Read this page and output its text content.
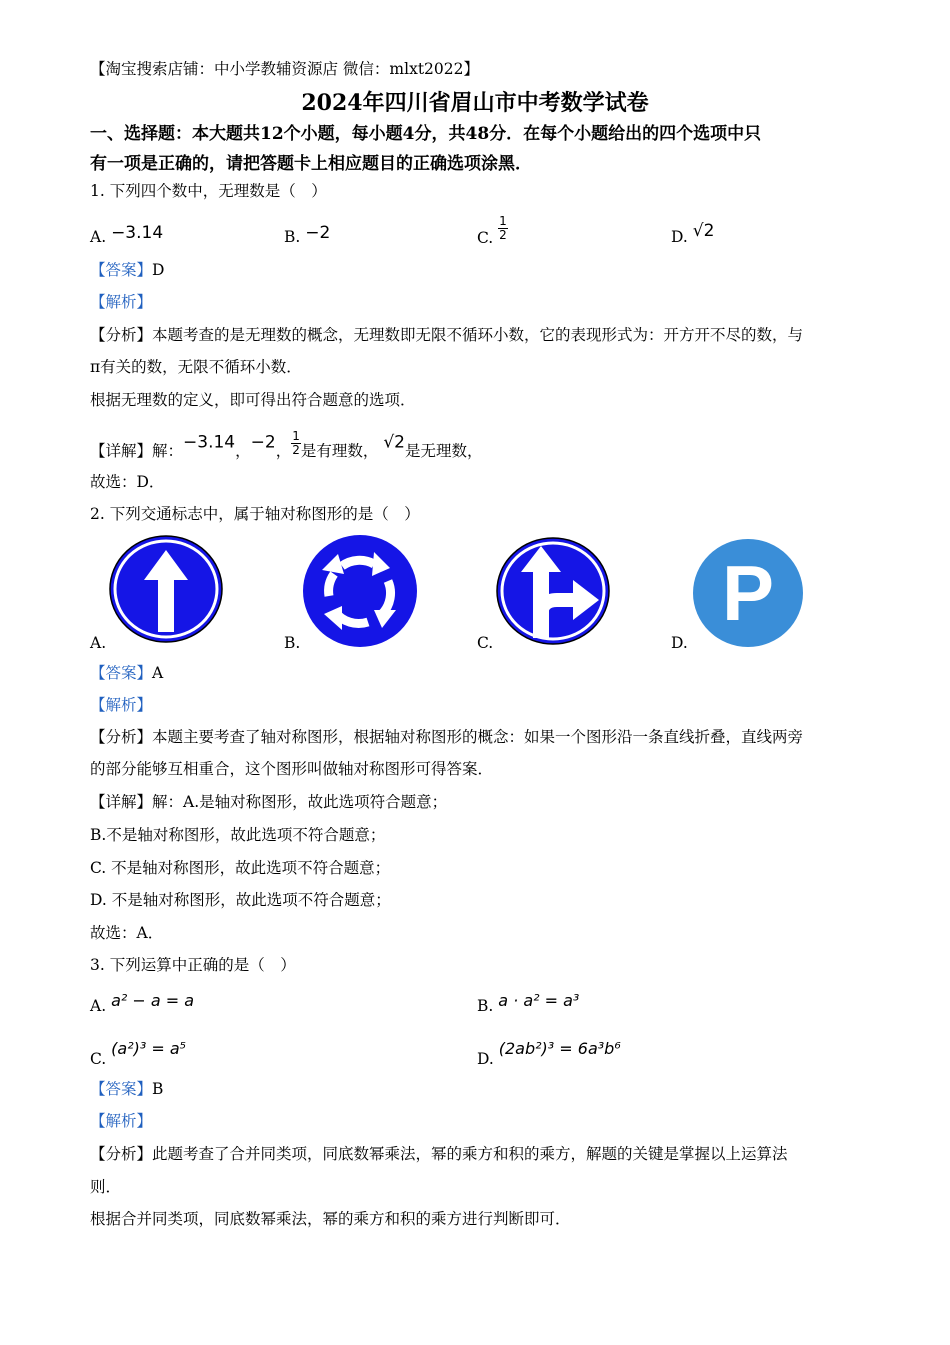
【淘宝搜索店铺：中小学教辅资源店 微信：mlxt2022】
2024年四川省眉山市中考数学试卷
一、选择题：本大题共12个小题，每小题4分，共48分．在每个小题给出的四个选项中只
有一项是正确的，请把答题卡上相应题目的正确选项涂黑．
1. 下列四个数中，无理数是（　）
A. −3.14	B. −2	C. $\frac{1}{2}$	D. √2
【答案】D
【解析】
【分析】本题考查的是无理数的概念，无理数即无限不循环小数，它的表现形式为：开方开不尽的数，与
π有关的数，无限不循环小数．
根据无理数的定义，即可得出符合题意的选项．
【详解】解：−3.14，−2， $\frac{1}{2}$ 是有理数， √2是无理数，
故选：D．
2. 下列交通标志中，属于轴对称图形的是（　）
P
A.	B.	C.	D.
【答案】A
【解析】
【分析】本题主要考查了轴对称图形，根据轴对称图形的概念：如果一个图形沿一条直线折叠，直线两旁
的部分能够互相重合，这个图形叫做轴对称图形可得答案．
【详解】解：A.是轴对称图形，故此选项符合题意；
B.不是轴对称图形，故此选项不符合题意；
C. 不是轴对称图形，故此选项不符合题意；
D. 不是轴对称图形，故此选项不符合题意；
故选：A．
3. 下列运算中正确的是（　）
A. a² − a = a	B. a · a² = a³
C. (a²)³ = a⁵
D. (2ab²)³ = 6a³b⁶
【答案】B
【解析】
【分析】此题考查了合并同类项，同底数幂乘法，幂的乘方和积的乘方，解题的关键是掌握以上运算法
则．
根据合并同类项，同底数幂乘法，幂的乘方和积的乘方进行判断即可．
